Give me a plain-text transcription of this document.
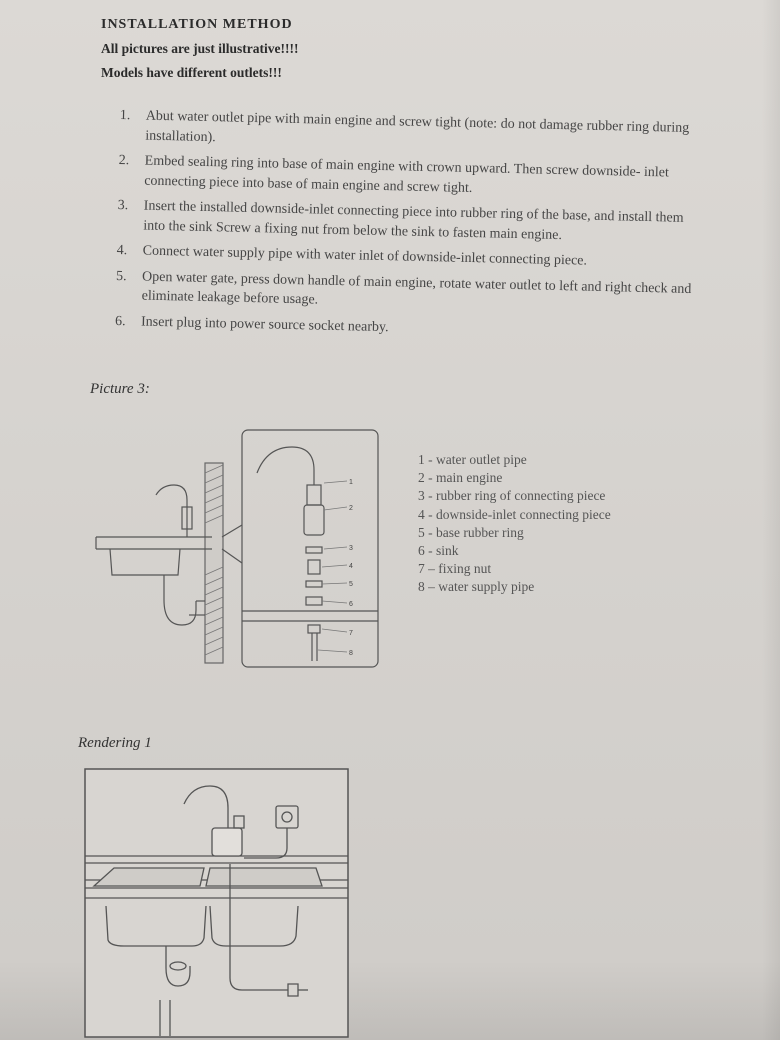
INSTALLATION METHOD
All pictures are just illustrative!!!!
Models have different outlets!!!
1. Abut water outlet pipe with main engine and screw tight (note: do not damage rubber ring during installation).
2. Embed sealing ring into base of main engine with crown upward. Then screw downside- inlet connecting piece into base of main engine and screw tight.
3. Insert the installed downside-inlet connecting piece into rubber ring of the base, and install them into the sink Screw a fixing nut from below the sink to fasten main engine.
4. Connect water supply pipe with water inlet of downside-inlet connecting piece.
5. Open water gate, press down handle of main engine, rotate water outlet to left and right check and eliminate leakage before usage.
6. Insert plug into power source socket nearby.
Picture 3:
1
2
3
4
5
6
7
8
1 - water outlet pipe
2 - main engine
3 - rubber ring of connecting piece
4 - downside-inlet connecting piece
5 - base rubber ring
6 - sink
7 – fixing nut
8 – water supply pipe
Rendering 1
